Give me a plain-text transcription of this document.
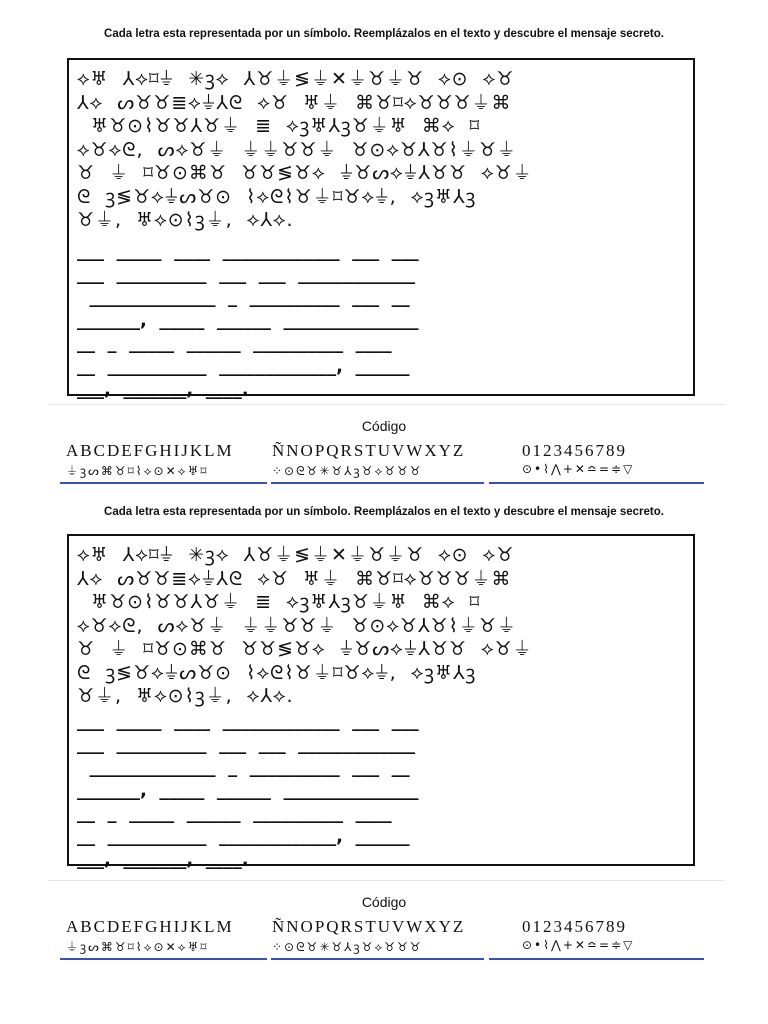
Cada letra esta representada por un símbolo. Reemplázalos en el texto y descubre el mensaje secreto.
⟡♅  ⅄⟡⌑⏚  ✳ꝫ⟡  ⅄♉⏚≶⏚✕⏚♉⏚♉  ⟡⊙  ⟡♉
⅄⟡  ᔕ♉♉≣⟡⏚⅄ᘓ  ⟡♉  ♅⏚  ⌘♉⌑⟡♉♉♉⏚⌘
♅♉⊙⌇♉♉⅄♉⏚  ≣  ⟡ꝫ♅⅄ꝫ♉⏚♅  ⌘⟡  ⌑
⟡♉⟡ᘓ,  ᔕ⟡♉⏚  ⏚⏚♉♉⏚  ♉⊙⟡♉⅄♉⌇⏚♉⏚
♉  ⏚  ⌑♉⊙⌘♉  ♉♉≶♉⟡  ⏚♉ᔕ⟡⏚⅄♉♉  ⟡♉⏚
ᘓ  ꝫ≶♉⟡⏚ᔕ♉⊙  ⌇⟡ᘓ⌇♉⏚⌑♉⟡⏚,  ⟡ꝫ♅⅄ꝫ
♉⏚,  ♅⟡⊙⌇ꝫ⏚,  ⟡⅄⟡.
___  _____  ____  _____________  ___  ___
___  __________  ___  ___  _____________
______________  _  __________  ___  __
_______,  _____  ______  _______________
__  _  _____  ______  __________  ____
__  ___________  _____________,  ______
___,  _______,  ____.
Código
ABCDEFGHIJKLM ÑNOPQRSTUVWXYZ	0123456789
⏚ꝫᔕ⌘♉⌑⌇⟡⊙✕⟡♅⌑	⁘⊙ᘓ♉✳♉⅄ꝫ♉⟡♉♉♉	⊙•⌇⋀+✕≏=≑▽
Cada letra esta representada por un símbolo. Reemplázalos en el texto y descubre el mensaje secreto.
⟡♅  ⅄⟡⌑⏚  ✳ꝫ⟡  ⅄♉⏚≶⏚✕⏚♉⏚♉  ⟡⊙  ⟡♉
⅄⟡  ᔕ♉♉≣⟡⏚⅄ᘓ  ⟡♉  ♅⏚  ⌘♉⌑⟡♉♉♉⏚⌘
♅♉⊙⌇♉♉⅄♉⏚  ≣  ⟡ꝫ♅⅄ꝫ♉⏚♅  ⌘⟡  ⌑
⟡♉⟡ᘓ,  ᔕ⟡♉⏚  ⏚⏚♉♉⏚  ♉⊙⟡♉⅄♉⌇⏚♉⏚
♉  ⏚  ⌑♉⊙⌘♉  ♉♉≶♉⟡  ⏚♉ᔕ⟡⏚⅄♉♉  ⟡♉⏚
ᘓ  ꝫ≶♉⟡⏚ᔕ♉⊙  ⌇⟡ᘓ⌇♉⏚⌑♉⟡⏚,  ⟡ꝫ♅⅄ꝫ
♉⏚,  ♅⟡⊙⌇ꝫ⏚,  ⟡⅄⟡.
___  _____  ____  _____________  ___  ___
___  __________  ___  ___  _____________
______________  _  __________  ___  __
_______,  _____  ______  _______________
__  _  _____  ______  __________  ____
__  ___________  _____________,  ______
___,  _______,  ____.
Código
ABCDEFGHIJKLM ÑNOPQRSTUVWXYZ	0123456789
⏚ꝫᔕ⌘♉⌑⌇⟡⊙✕⟡♅⌑	⁘⊙ᘓ♉✳♉⅄ꝫ♉⟡♉♉♉	⊙•⌇⋀+✕≏=≑▽
